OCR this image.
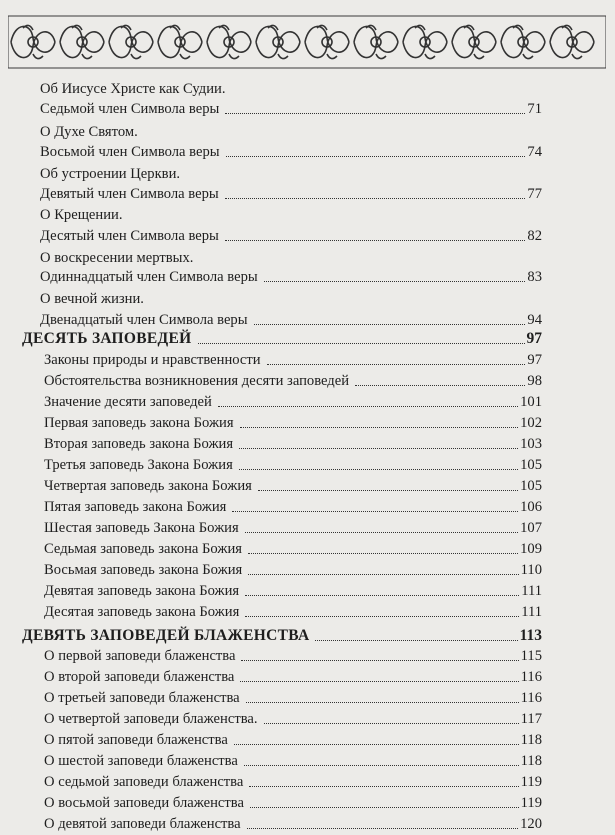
Об Иисусе Христе как Судии.
Седьмой член Символа веры	71
О Духе Святом.
Восьмой член Символа веры	74
Об устроении Церкви.
Девятый член Символа веры	77
О Крещении.
Десятый член Символа веры	82
О воскресении мертвых.
Одиннадцатый член Символа веры	83
О вечной жизни.
Двенадцатый член Символа веры	94
ДЕСЯТЬ ЗАПОВЕДЕЙ	97
Законы природы и нравственности	97
Обстоятельства возникновения десяти заповедей	98
Значение десяти заповедей	101
Первая заповедь закона Божия	102
Вторая заповедь закона Божия	103
Третья заповедь Закона Божия	105
Четвертая заповедь закона Божия	105
Пятая заповедь закона Божия	106
Шестая заповедь Закона Божия	107
Седьмая заповедь закона Божия	109
Восьмая заповедь закона Божия	110
Девятая заповедь закона Божия	111
Десятая заповедь закона Божия	111
ДЕВЯТЬ ЗАПОВЕДЕЙ БЛАЖЕНСТВА	113
О первой заповеди блаженства	115
О второй заповеди блаженства	116
О третьей заповеди блаженства	116
О четвертой заповеди блаженства.	117
О пятой заповеди блаженства	118
О шестой заповеди блаженства	118
О седьмой заповеди блаженства	119
О восьмой заповеди блаженства	119
О девятой заповеди блаженства	120
